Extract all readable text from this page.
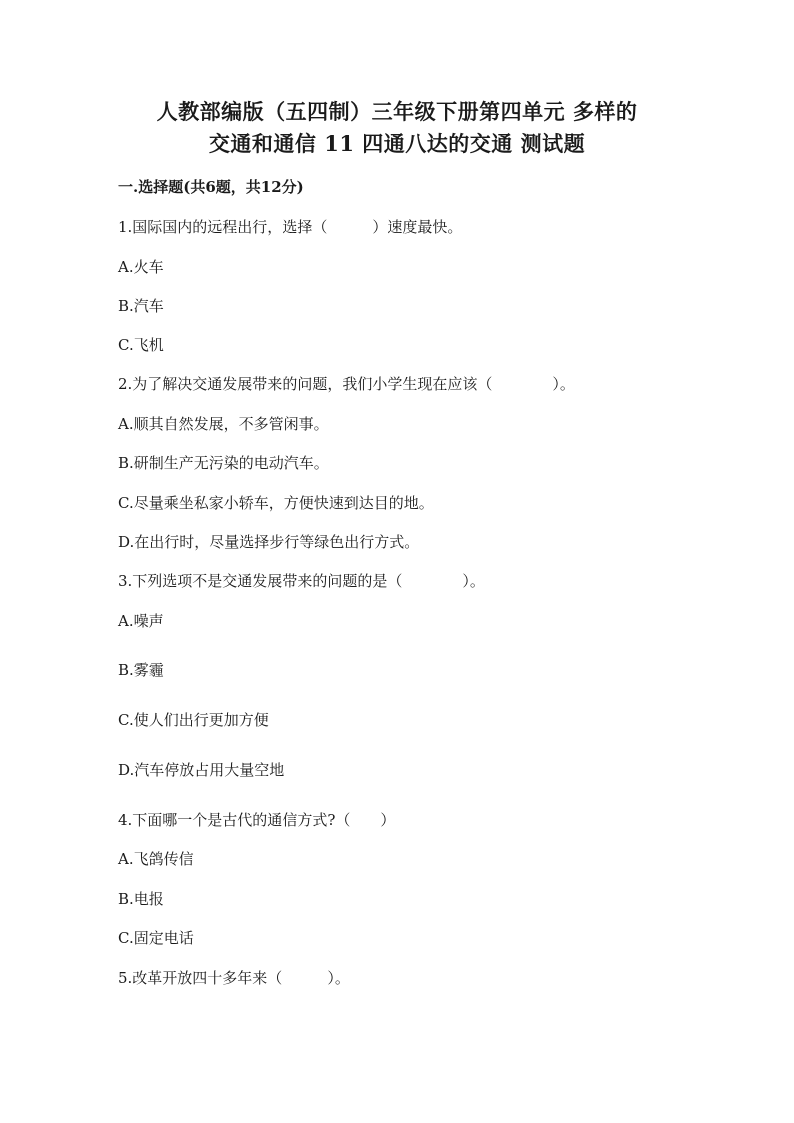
人教部编版（五四制）三年级下册第四单元 多样的
交通和通信 11 四通八达的交通 测试题
一.选择题(共6题，共12分)
1.国际国内的远程出行，选择（　　　）速度最快。
A.火车
B.汽车
C.飞机
2.为了解决交通发展带来的问题，我们小学生现在应该（　　　　）。
A.顺其自然发展，不多管闲事。
B.研制生产无污染的电动汽车。
C.尽量乘坐私家小轿车，方便快速到达目的地。
D.在出行时，尽量选择步行等绿色出行方式。
3.下列选项不是交通发展带来的问题的是（　　　　）。
A.噪声
B.雾霾
C.使人们出行更加方便
D.汽车停放占用大量空地
4.下面哪一个是古代的通信方式?（　　）
A.飞鸽传信
B.电报
C.固定电话
5.改革开放四十多年来（　　　）。
